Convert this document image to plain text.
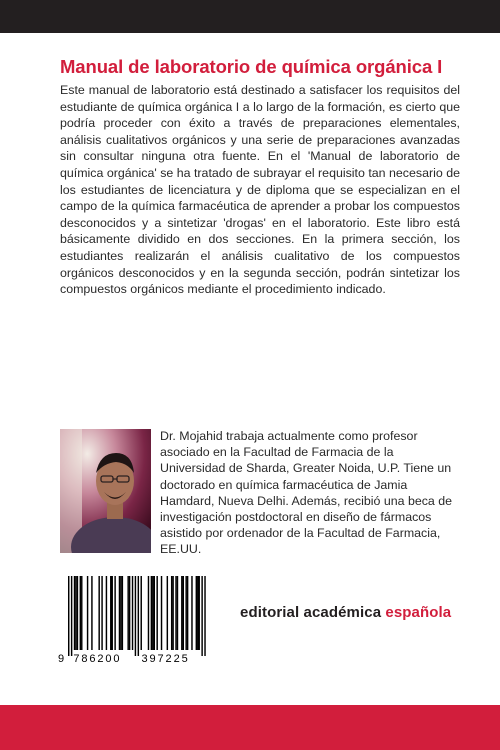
Manual de laboratorio de química orgánica I

Este manual de laboratorio está destinado a satisfacer los requisitos del estudiante de química orgánica I a lo largo de la formación, es cierto que podría proceder con éxito a través de preparaciones elementales, análisis cualitativos orgánicos y una serie de preparaciones avanzadas sin consultar ninguna otra fuente. En el 'Manual de laboratorio de química orgánica' se ha tratado de subrayar el requisito tan necesario de los estudiantes de licenciatura y de diploma que se especializan en el campo de la química farmacéutica de aprender a probar los compuestos desconocidos y a sintetizar 'drogas' en el laboratorio. Este libro está básicamente dividido en dos secciones. En la primera sección, los estudiantes realizarán el análisis cualitativo de los compuestos orgánicos desconocidos y en la segunda sección, podrán sintetizar los compuestos orgánicos mediante el procedimiento indicado.

Dr. Mojahid trabaja actualmente como profesor asociado en la Facultad de Farmacia de la Universidad de Sharda, Greater Noida, U.P. Tiene un doctorado en química farmacéutica de Jamia Hamdard, Nueva Delhi. Además, recibió una beca de investigación postdoctoral en diseño de fármacos asistido por ordenador de la Facultad de Farmacia, EE.UU.

9 786200 397225

editorial académica española
